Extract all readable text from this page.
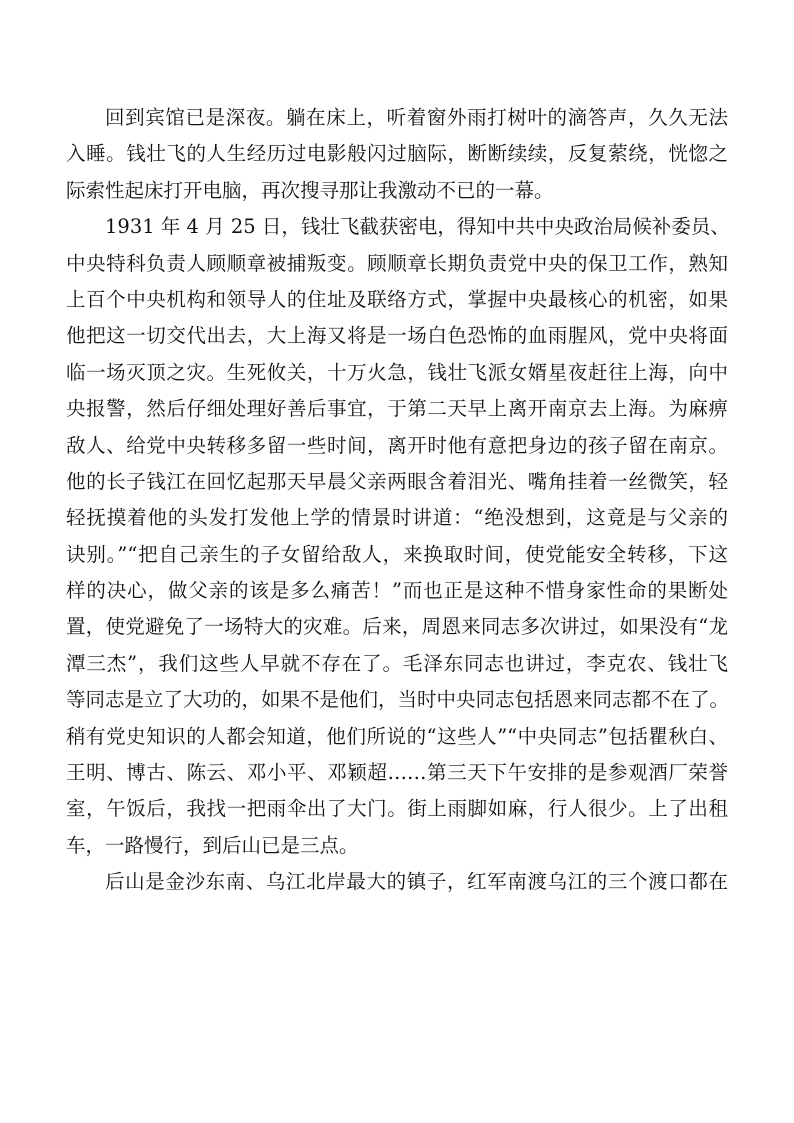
回到宾馆已是深夜。躺在床上，听着窗外雨打树叶的滴答声，久久无法
入睡。钱壮飞的人生经历过电影般闪过脑际，断断续续，反复萦绕，恍惚之
际索性起床打开电脑，再次搜寻那让我激动不已的一幕。

1931 年 4 月 25 日，钱壮飞截获密电，得知中共中央政治局候补委员、
中央特科负责人顾顺章被捕叛变。顾顺章长期负责党中央的保卫工作，熟知
上百个中央机构和领导人的住址及联络方式，掌握中央最核心的机密，如果
他把这一切交代出去，大上海又将是一场白色恐怖的血雨腥风，党中央将面
临一场灭顶之灾。生死攸关，十万火急，钱壮飞派女婿星夜赶往上海，向中
央报警，然后仔细处理好善后事宜，于第二天早上离开南京去上海。为麻痹
敌人、给党中央转移多留一些时间，离开时他有意把身边的孩子留在南京。
他的长子钱江在回忆起那天早晨父亲两眼含着泪光、嘴角挂着一丝微笑，轻
轻抚摸着他的头发打发他上学的情景时讲道：“绝没想到，这竟是与父亲的
诀别。”“把自己亲生的子女留给敌人，来换取时间，使党能安全转移，下这
样的决心，做父亲的该是多么痛苦！”而也正是这种不惜身家性命的果断处
置，使党避免了一场特大的灾难。后来，周恩来同志多次讲过，如果没有“龙
潭三杰”，我们这些人早就不存在了。毛泽东同志也讲过，李克农、钱壮飞
等同志是立了大功的，如果不是他们，当时中央同志包括恩来同志都不在了。
稍有党史知识的人都会知道，他们所说的“这些人”“中央同志”包括瞿秋白、
王明、博古、陈云、邓小平、邓颖超……第三天下午安排的是参观酒厂荣誉
室，午饭后，我找一把雨伞出了大门。街上雨脚如麻，行人很少。上了出租
车，一路慢行，到后山已是三点。

后山是金沙东南、乌江北岸最大的镇子，红军南渡乌江的三个渡口都在
